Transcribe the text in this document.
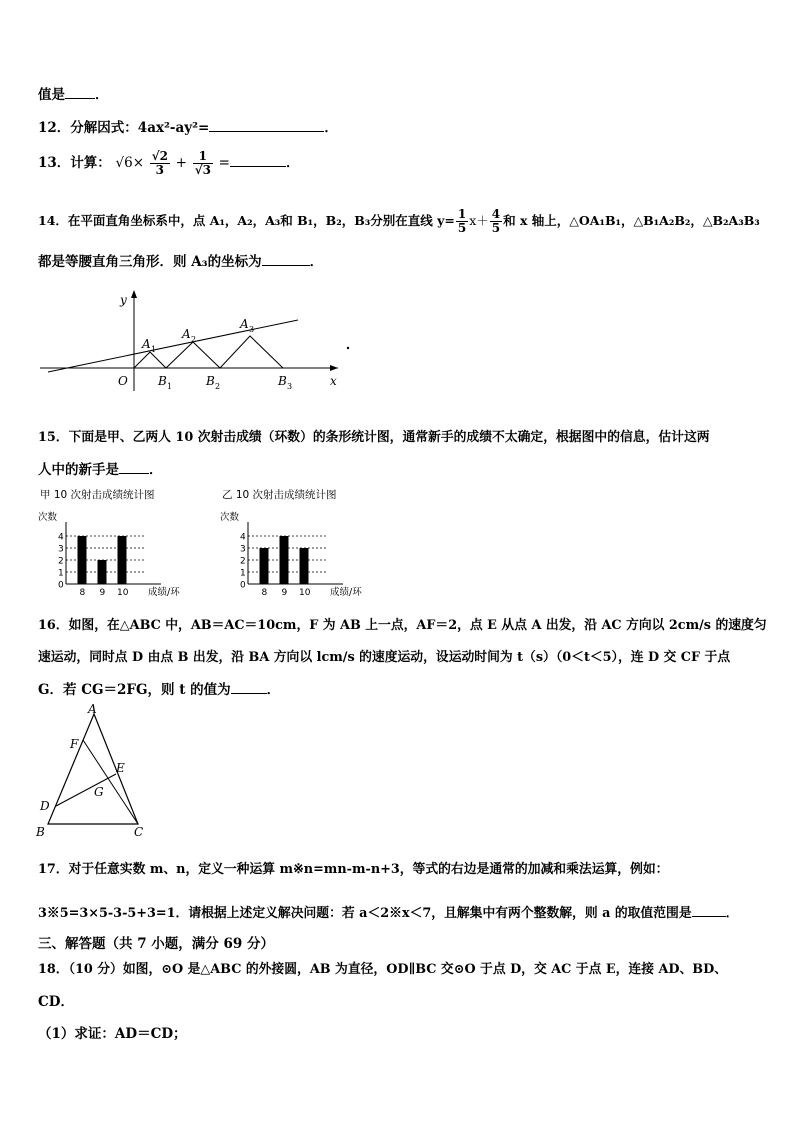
值是 ．
12．分解因式：4ax²-ay²=	．
13．计算： $√6\times \frac{√2}{3} + \frac{1}{√3}$ =	．
14．在平面直角坐标系中，点 A₁，A₂，A₃和 B₁，B₂，B₃分别在直线 $y= \frac{1}{5} x+ \frac{4}{5}$ 和 x 轴上，△OA₁B₁，△B₁A₂B₂，△B₂A₃B₃
都是等腰直角三角形．则 A₃的坐标为	．
y
x
O
A 1
A 2
A 3
B 1	B 2	B 3
15．下面是甲、乙两人 10 次射击成绩（环数）的条形统计图，通常新手的成绩不太确定，根据图中的信息，估计这两
人中的新手是 ．
甲 10 次射击成绩统计图
次数
0
1
2
3
4
8 9 10 成绩/环
乙 10 次射击成绩统计图
次数
0
1
2
3
4
8 9 10 成绩/环
16．如图，在△ABC 中，AB＝AC＝10cm，F 为 AB 上一点，AF＝2，点 E 从点 A 出发，沿 AC 方向以 2cm/s 的速度匀
速运动，同时点 D 由点 B 出发，沿 BA 方向以 lcm/s 的速度运动，设运动时间为 t（s）（0＜t＜5），连 D 交 CF 于点
G．若 CG＝2FG，则 t 的值为	．
A
B	C
D
E
F
G
17．对于任意实数 m、n，定义一种运算 m※n=mn-m-n+3，等式的右边是通常的加减和乘法运算，例如：
3※5=3×5-3-5+3=1．请根据上述定义解决问题：若 a＜2※x＜7，且解集中有两个整数解，则 a 的取值范围是	．
三、解答题（共 7 小题，满分 69 分）
18．（10 分）如图，⊙O 是△ABC 的外接圆，AB 为直径，OD∥BC 交⊙O 于点 D，交 AC 于点 E，连接 AD、BD、
CD．
（1）求证：AD＝CD；
